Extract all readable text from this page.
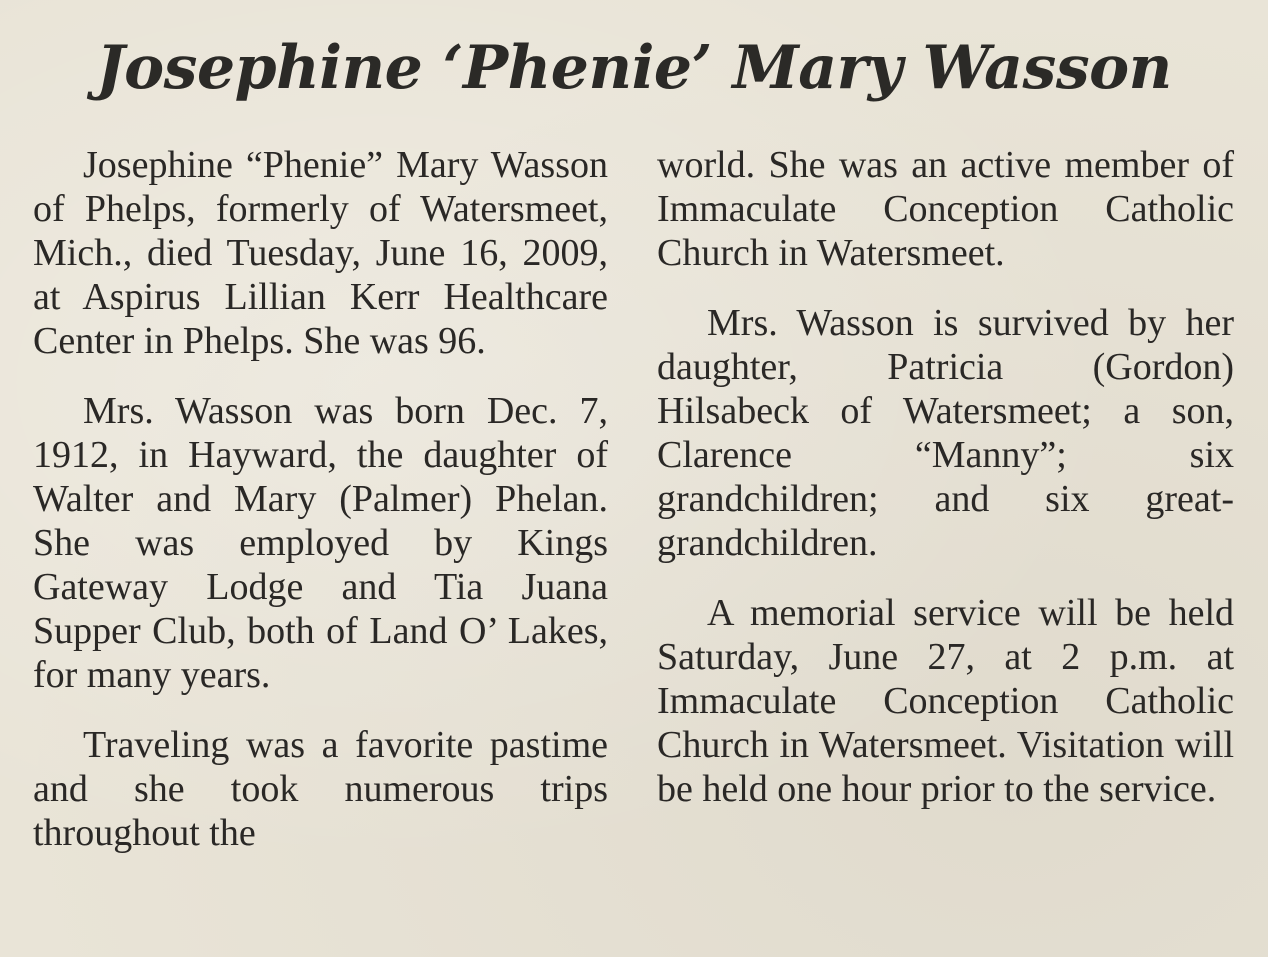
Josephine ‘Phenie’ Mary Wasson

Josephine “Phenie” Mary Wasson of Phelps, formerly of Watersmeet, Mich., died Tuesday, June 16, 2009, at Aspirus Lillian Kerr Healthcare Center in Phelps. She was 96.

Mrs. Wasson was born Dec. 7, 1912, in Hayward, the daughter of Walter and Mary (Palmer) Phelan. She was employed by Kings Gateway Lodge and Tia Juana Supper Club, both of Land O’ Lakes, for many years.

Traveling was a favorite pastime and she took numerous trips throughout the

world. She was an active member of Immaculate Conception Catholic Church in Watersmeet.

Mrs. Wasson is survived by her daughter, Patricia (Gordon) Hilsabeck of Watersmeet; a son, Clarence “Manny”; six grandchildren; and six great-grandchildren.

A memorial service will be held Saturday, June 27, at 2 p.m. at Immaculate Conception Catholic Church in Watersmeet. Visitation will be held one hour prior to the service.
